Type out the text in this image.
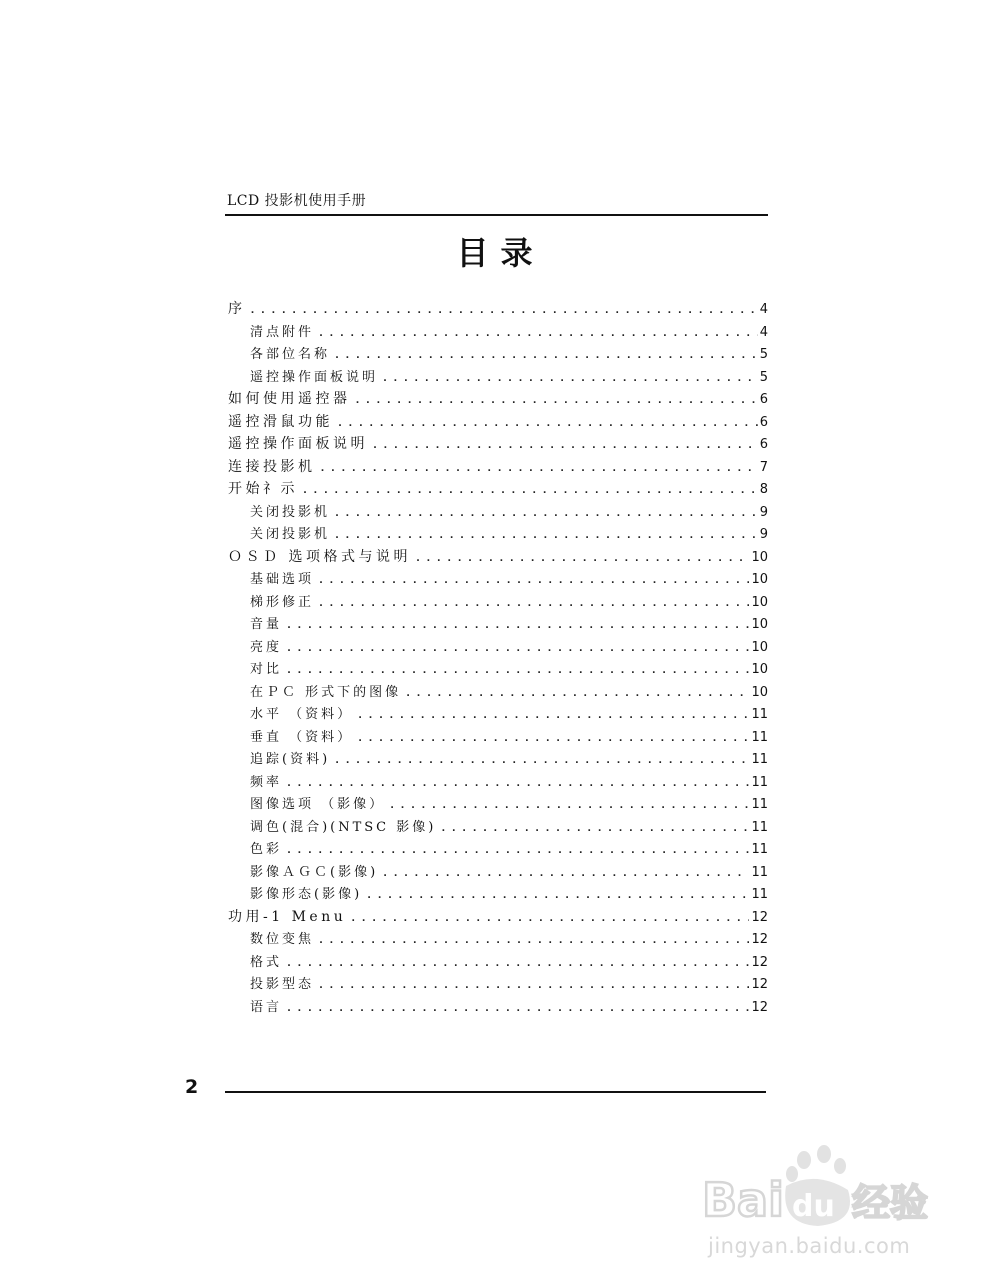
LCD 投影机使用手册
目录
序 .....	4
清点附件 .....	4
各部位名称 .....	5
遥控操作面板说明 .....	5
如何使用遥控器 .....	6
遥控滑鼠功能 .....	6
遥控操作面板说明 .....	6
连接投影机 .....	7
开始礻示 .....	8
关闭投影机 .....	9
关闭投影机 .....	9
ＯＳＤ 选项格式与说明 .....	10
基础选项 .....	10
梯形修正 .....	10
音量 .....	10
亮度 .....	10
对比 .....	10
在ＰＣ 形式下的图像 .....	10
水平 （资料） .....	11
垂直 （资料） .....	11
追踪(资料) .....	11
频率 .....	11
图像选项 （影像） .....	11
调色(混合)(NTSC 影像) .....	11
色彩 .....	11
影像ＡＧＣ(影像) .....	11
影像形态(影像) .....	11
功用-1 Menu .....	12
数位变焦 .....	12
格式 .....	12
投影型态 .....	12
语言 .....	12
2
Bai du 经验
jingyan.baidu.com
